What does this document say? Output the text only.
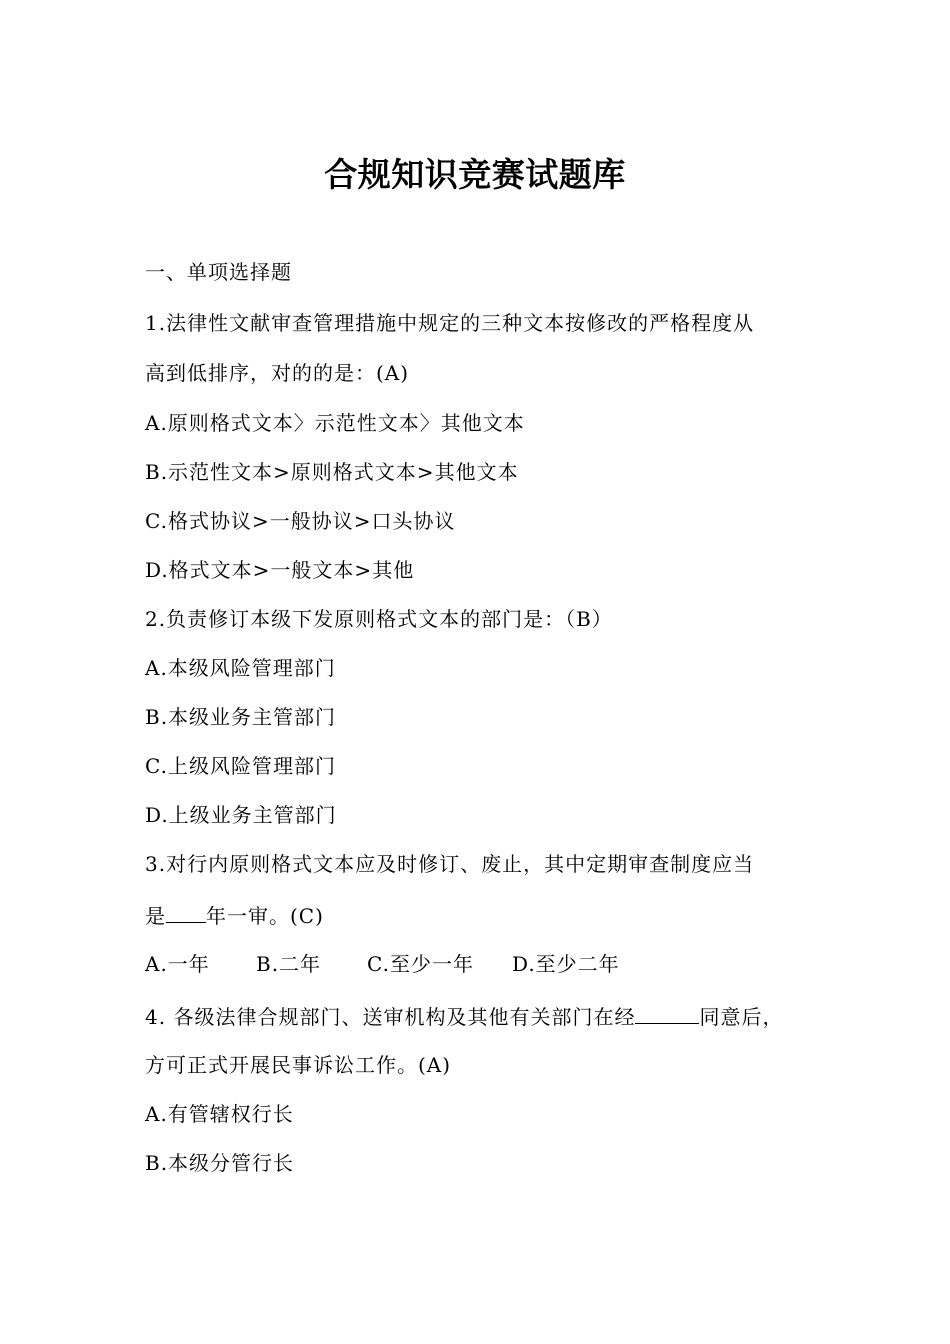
合规知识竞赛试题库
一、单项选择题
1.法律性文献审查管理措施中规定的三种文本按修改的严格程度从
高到低排序，对的的是：(A)
A.原则格式文本〉示范性文本〉其他文本
B.示范性文本>原则格式文本>其他文本
C.格式协议>一般协议>口头协议
D.格式文本>一般文本>其他
2.负责修订本级下发原则格式文本的部门是：（B）
A.本级风险管理部门
B.本级业务主管部门
C.上级风险管理部门
D.上级业务主管部门
3.对行内原则格式文本应及时修订、废止，其中定期审查制度应当
是 年一审。(C)
A.一年 B.二年 C.至少一年 D.至少二年
4. 各级法律合规部门、送审机构及其他有关部门在经	同意后，
方可正式开展民事诉讼工作。(A)
A.有管辖权行长
B.本级分管行长
